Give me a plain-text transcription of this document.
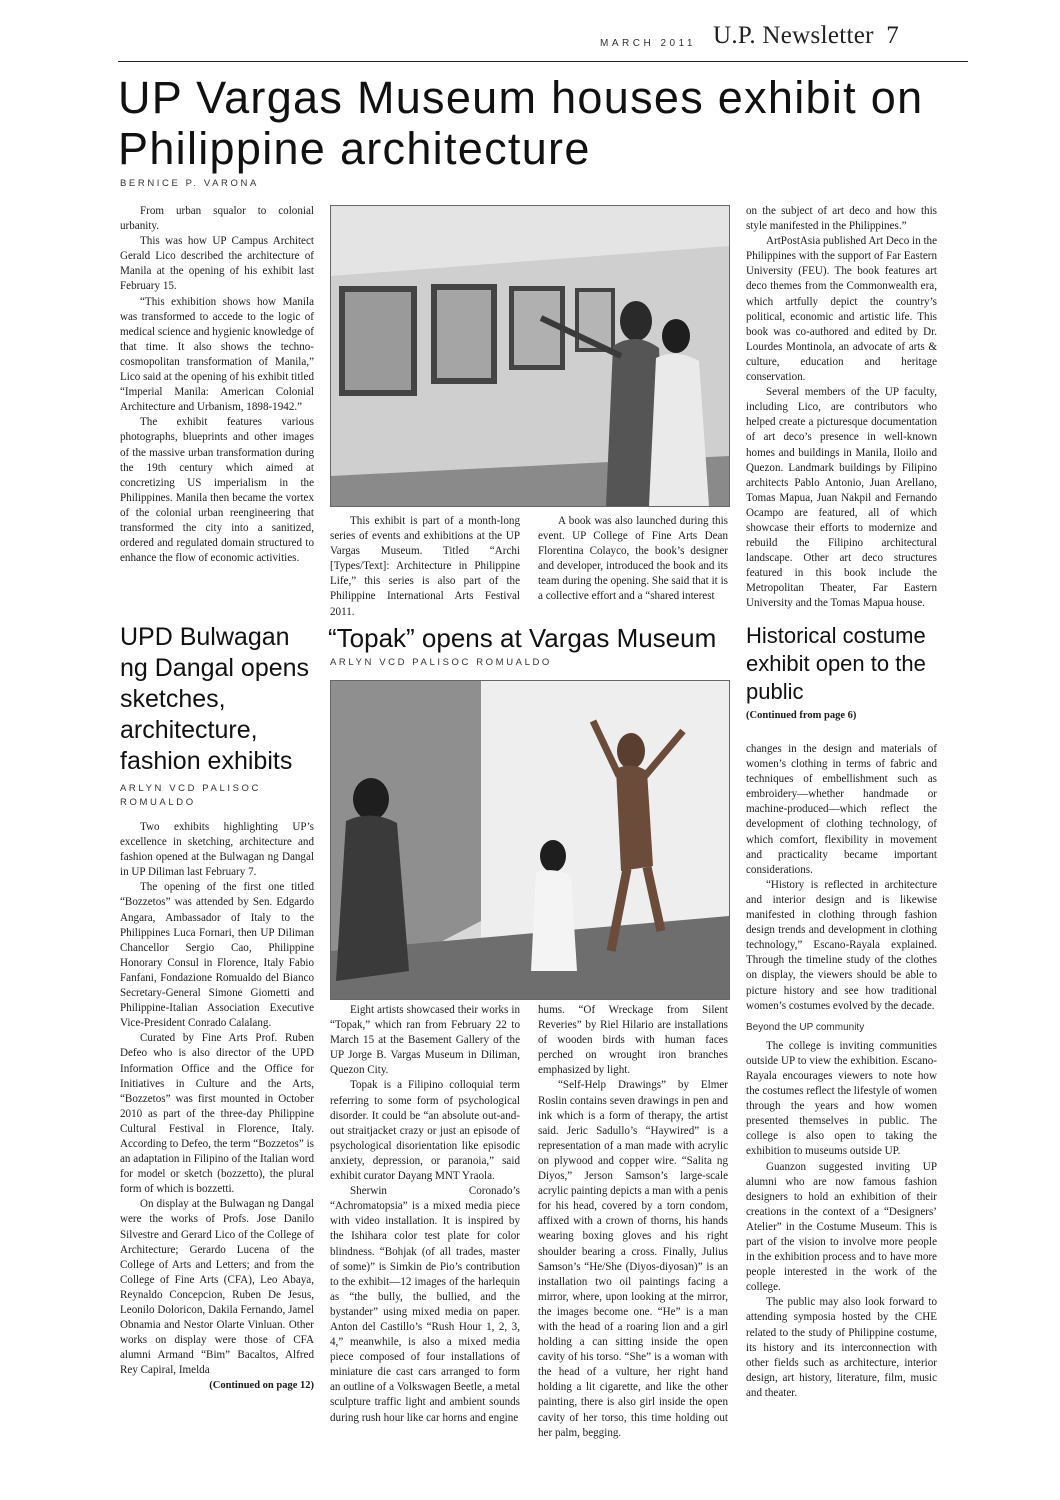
MARCH 2011 U.P. Newsletter 7
UP Vargas Museum houses exhibit on Philippine architecture
BERNICE P. VARONA

From urban squalor to colonial urbanity.

This was how UP Campus Architect Gerald Lico described the architecture of Manila at the opening of his exhibit last February 15.

“This exhibition shows how Manila was transformed to accede to the logic of medical science and hygienic knowledge of that time. It also shows the techno-cosmopolitan transformation of Manila,” Lico said at the opening of his exhibit titled “Imperial Manila: American Colonial Architecture and Urbanism, 1898-1942.”

The exhibit features various photographs, blueprints and other images of the massive urban transformation during the 19th century which aimed at concretizing US imperialism in the Philippines. Manila then became the vortex of the colonial urban reengineering that transformed the city into a sanitized, ordered and regulated domain structured to enhance the flow of economic activities.

This exhibit is part of a month-long series of events and exhibitions at the UP Vargas Museum. Titled “Archi [Types/Text]: Architecture in Philippine Life,” this series is also part of the Philippine International Arts Festival 2011.

A book was also launched during this event. UP College of Fine Arts Dean Florentina Colayco, the book’s designer and developer, introduced the book and its team during the opening. She said that it is a collective effort and a “shared interest

on the subject of art deco and how this style manifested in the Philippines.”

ArtPostAsia published Art Deco in the Philippines with the support of Far Eastern University (FEU). The book features art deco themes from the Commonwealth era, which artfully depict the country’s political, economic and artistic life. This book was co-authored and edited by Dr. Lourdes Montinola, an advocate of arts & culture, education and heritage conservation.

Several members of the UP faculty, including Lico, are contributors who helped create a picturesque documentation of art deco’s presence in well-known homes and buildings in Manila, Iloilo and Quezon. Landmark buildings by Filipino architects Pablo Antonio, Juan Arellano, Tomas Mapua, Juan Nakpil and Fernando Ocampo are featured, all of which showcase their efforts to modernize and rebuild the Filipino architectural landscape. Other art deco structures featured in this book include the Metropolitan Theater, Far Eastern University and the Tomas Mapua house.

UPD Bulwagan ng Dangal opens sketches, architecture, fashion exhibits
ARLYN VCD PALISOC ROMUALDO

Two exhibits highlighting UP’s excellence in sketching, architecture and fashion opened at the Bulwagan ng Dangal in UP Diliman last February 7.

The opening of the first one titled “Bozzetos” was attended by Sen. Edgardo Angara, Ambassador of Italy to the Philippines Luca Fornari, then UP Diliman Chancellor Sergio Cao, Philippine Honorary Consul in Florence, Italy Fabio Fanfani, Fondazione Romualdo del Bianco Secretary-General Simone Giometti and Philippine-Italian Association Executive Vice-President Conrado Calalang.

Curated by Fine Arts Prof. Ruben Defeo who is also director of the UPD Information Office and the Office for Initiatives in Culture and the Arts, “Bozzetos” was first mounted in October 2010 as part of the three-day Philippine Cultural Festival in Florence, Italy. According to Defeo, the term “Bozzetos” is an adaptation in Filipino of the Italian word for model or sketch (bozzetto), the plural form of which is bozzetti.

On display at the Bulwagan ng Dangal were the works of Profs. Jose Danilo Silvestre and Gerard Lico of the College of Architecture; Gerardo Lucena of the College of Arts and Letters; and from the College of Fine Arts (CFA), Leo Abaya, Reynaldo Concepcion, Ruben De Jesus, Leonilo Doloricon, Dakila Fernando, Jamel Obnamia and Nestor Olarte Vinluan. Other works on display were those of CFA alumni Armand “Bim” Bacaltos, Alfred Rey Capiral, Imelda

(Continued on page 12)
“Topak” opens at Vargas Museum
ARLYN VCD PALISOC ROMUALDO

Eight artists showcased their works in “Topak,” which ran from February 22 to March 15 at the Basement Gallery of the UP Jorge B. Vargas Museum in Diliman, Quezon City.

Topak is a Filipino colloquial term referring to some form of psychological disorder. It could be “an absolute out-and-out straitjacket crazy or just an episode of psychological disorientation like episodic anxiety, depression, or paranoia,” said exhibit curator Dayang MNT Yraola.

Sherwin Coronado’s “Achromatopsia” is a mixed media piece with video installation. It is inspired by the Ishihara color test plate for color blindness. “Bohjak (of all trades, master of some)” is Simkin de Pio’s contribution to the exhibit—12 images of the harlequin as “the bully, the bullied, and the bystander” using mixed media on paper. Anton del Castillo’s “Rush Hour 1, 2, 3, 4,” meanwhile, is also a mixed media piece composed of four installations of miniature die cast cars arranged to form an outline of a Volkswagen Beetle, a metal sculpture traffic light and ambient sounds during rush hour like car horns and engine

hums. “Of Wreckage from Silent Reveries” by Riel Hilario are installations of wooden birds with human faces perched on wrought iron branches emphasized by light.

“Self-Help Drawings” by Elmer Roslin contains seven drawings in pen and ink which is a form of therapy, the artist said. Jeric Sadullo’s “Haywired” is a representation of a man made with acrylic on plywood and copper wire. “Salita ng Diyos,” Jerson Samson’s large-scale acrylic painting depicts a man with a penis for his head, covered by a torn condom, affixed with a crown of thorns, his hands wearing boxing gloves and his right shoulder bearing a cross. Finally, Julius Samson’s “He/She (Diyos-diyosan)” is an installation two oil paintings facing a mirror, where, upon looking at the mirror, the images become one. “He” is a man with the head of a roaring lion and a girl holding a can sitting inside the open cavity of his torso. “She” is a woman with the head of a vulture, her right hand holding a lit cigarette, and like the other painting, there is also girl inside the open cavity of her torso, this time holding out her palm, begging.

Historical costume exhibit open to the public
(Continued from page 6)

changes in the design and materials of women’s clothing in terms of fabric and techniques of embellishment such as embroidery—whether handmade or machine-produced—which reflect the development of clothing technology, of which comfort, flexibility in movement and practicality became important considerations.

“History is reflected in architecture and interior design and is likewise manifested in clothing through fashion design trends and development in clothing technology,” Escano-Rayala explained. Through the timeline study of the clothes on display, the viewers should be able to picture history and see how traditional women’s costumes evolved by the decade.

Beyond the UP community

The college is inviting communities outside UP to view the exhibition. Escano-Rayala encourages viewers to note how the costumes reflect the lifestyle of women through the years and how women presented themselves in public. The college is also open to taking the exhibition to museums outside UP.

Guanzon suggested inviting UP alumni who are now famous fashion designers to hold an exhibition of their creations in the context of a “Designers’ Atelier” in the Costume Museum. This is part of the vision to involve more people in the exhibition process and to have more people interested in the work of the college.

The public may also look forward to attending symposia hosted by the CHE related to the study of Philippine costume, its history and its interconnection with other fields such as architecture, interior design, art history, literature, film, music and theater.
